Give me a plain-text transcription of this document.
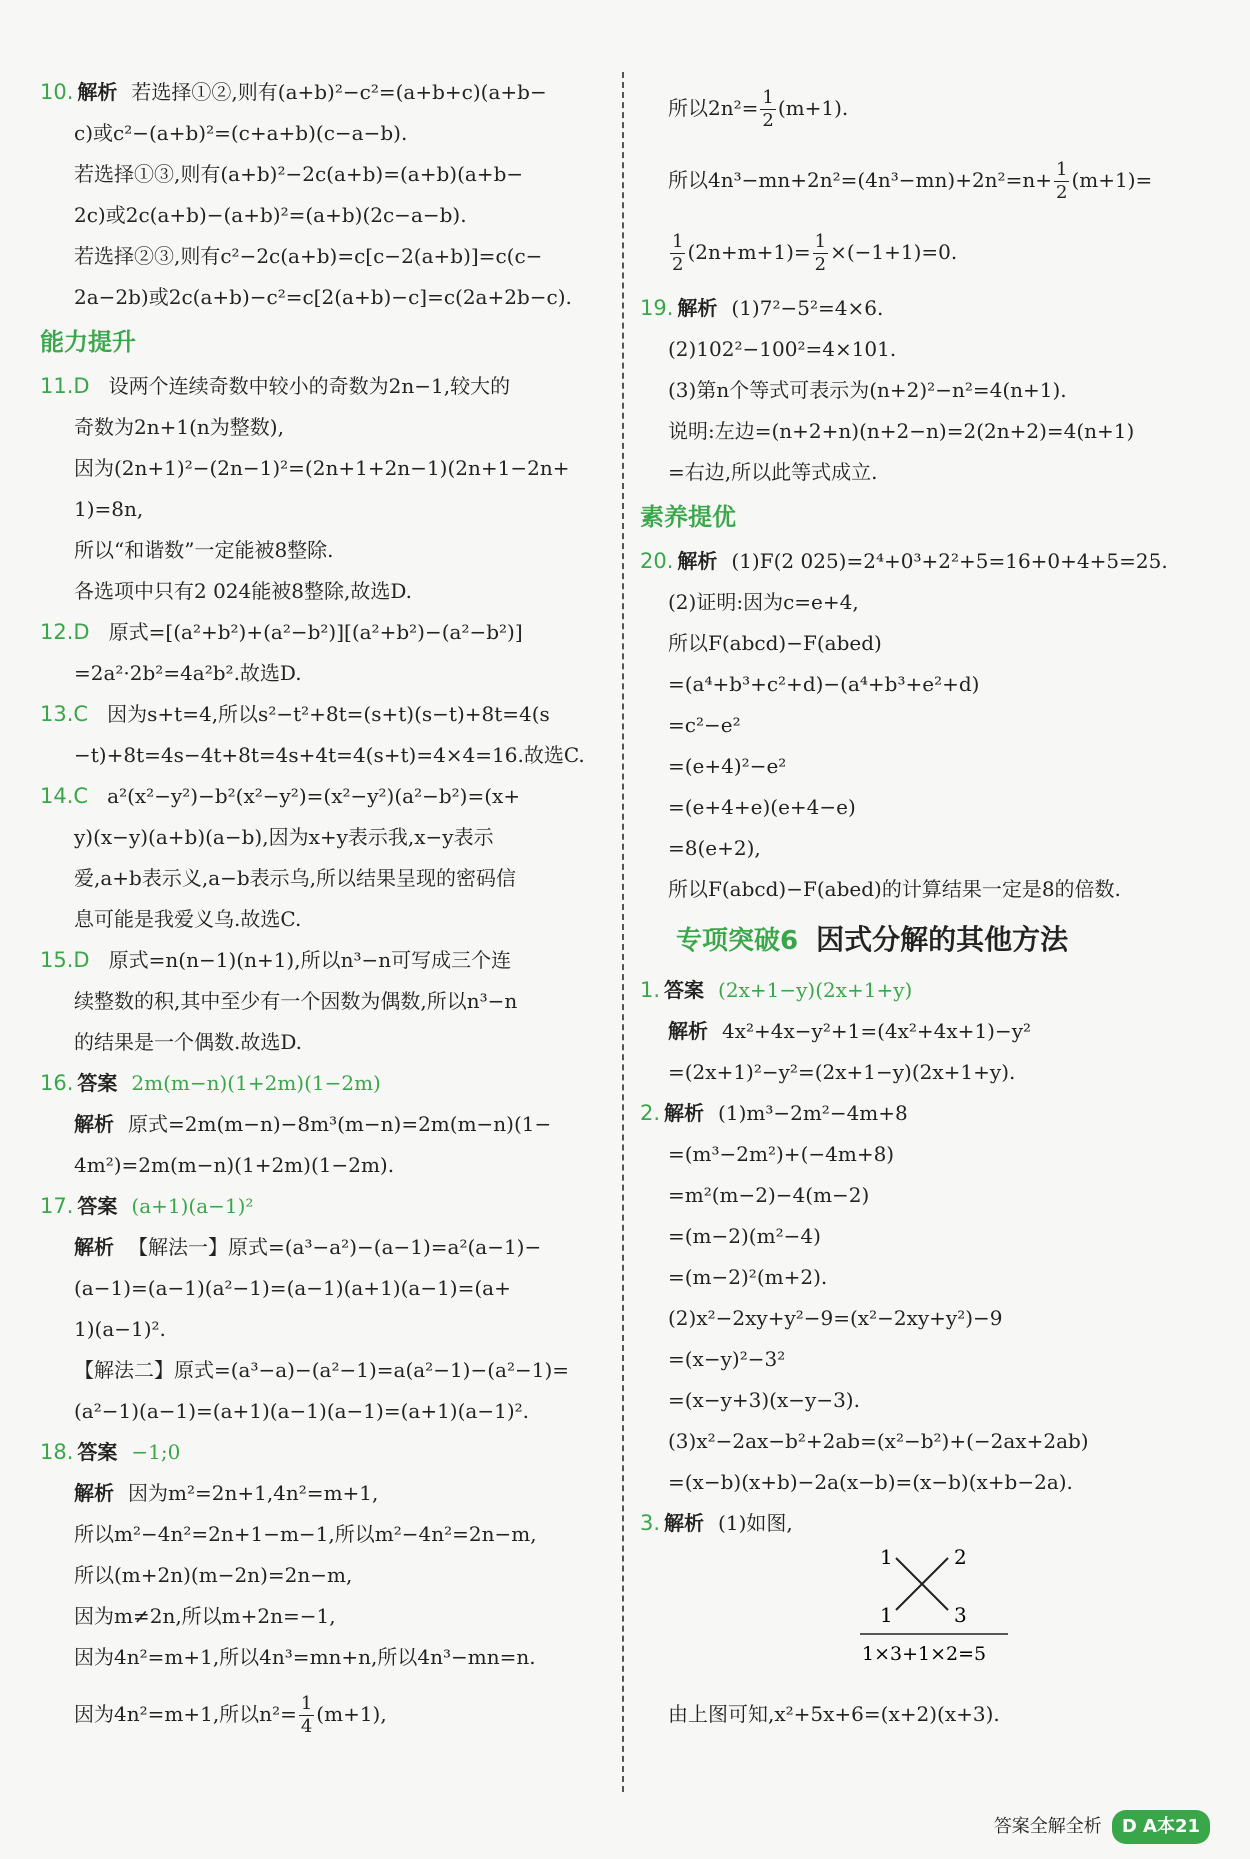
10. 解析 若选择①②,则有(a+b)²−c²=(a+b+c)(a+b−
c)或c²−(a+b)²=(c+a+b)(c−a−b).
若选择①③,则有(a+b)²−2c(a+b)=(a+b)(a+b−
2c)或2c(a+b)−(a+b)²=(a+b)(2c−a−b).
若选择②③,则有c²−2c(a+b)=c[c−2(a+b)]=c(c−
2a−2b)或2c(a+b)−c²=c[2(a+b)−c]=c(2a+2b−c).
能力提升
11.D 设两个连续奇数中较小的奇数为2n−1,较大的
奇数为2n+1(n为整数),
因为(2n+1)²−(2n−1)²=(2n+1+2n−1)(2n+1−2n+
1)=8n,
所以“和谐数”一定能被8整除.
各选项中只有2 024能被8整除,故选D.
12.D 原式=[(a²+b²)+(a²−b²)][(a²+b²)−(a²−b²)]
=2a²·2b²=4a²b².故选D.
13.C 因为s+t=4,所以s²−t²+8t=(s+t)(s−t)+8t=4(s
−t)+8t=4s−4t+8t=4s+4t=4(s+t)=4×4=16.故选C.
14.C a²(x²−y²)−b²(x²−y²)=(x²−y²)(a²−b²)=(x+
y)(x−y)(a+b)(a−b),因为x+y表示我,x−y表示
爱,a+b表示义,a−b表示乌,所以结果呈现的密码信
息可能是我爱义乌.故选C.
15.D 原式=n(n−1)(n+1),所以n³−n可写成三个连
续整数的积,其中至少有一个因数为偶数,所以n³−n
的结果是一个偶数.故选D.
16. 答案 2m(m−n)(1+2m)(1−2m)
解析 原式=2m(m−n)−8m³(m−n)=2m(m−n)(1−
4m²)=2m(m−n)(1+2m)(1−2m).
17. 答案 (a+1)(a−1)²
解析 【解法一】原式=(a³−a²)−(a−1)=a²(a−1)−
(a−1)=(a−1)(a²−1)=(a−1)(a+1)(a−1)=(a+
1)(a−1)².
【解法二】原式=(a³−a)−(a²−1)=a(a²−1)−(a²−1)=
(a²−1)(a−1)=(a+1)(a−1)(a−1)=(a+1)(a−1)².
18. 答案 −1;0
解析 因为m²=2n+1,4n²=m+1,
所以m²−4n²=2n+1−m−1,所以m²−4n²=2n−m,
所以(m+2n)(m−2n)=2n−m,
因为m≠2n,所以m+2n=−1,
因为4n²=m+1,所以4n³=mn+n,所以4n³−mn=n.
因为4n²=m+1,所以$n^2= \frac{1}{4} (m+1)$,
所以$2n^2= \frac{1}{2} (m+1)$.
所以$4n^3-mn+2n^2=(4n^3-mn)+2n^2=n+ \frac{1}{2} (m+1)=$
$\frac{1}{2} (2n+m+1)= \frac{1}{2} \times(-1+1)=0$.
19. 解析 (1)7²−5²=4×6.
(2)102²−100²=4×101.
(3)第n个等式可表示为(n+2)²−n²=4(n+1).
说明:左边=(n+2+n)(n+2−n)=2(2n+2)=4(n+1)
=右边,所以此等式成立.
素养提优
20. 解析 (1)F(2 025)=2⁴+0³+2²+5=16+0+4+5=25.
(2)证明:因为c=e+4,
所以F(abcd)−F(abed)
=(a⁴+b³+c²+d)−(a⁴+b³+e²+d)
=c²−e²
=(e+4)²−e²
=(e+4+e)(e+4−e)
=8(e+2),
所以F(abcd)−F(abed)的计算结果一定是8的倍数.
专项突破6 因式分解的其他方法
1. 答案 (2x+1−y)(2x+1+y)
解析 4x²+4x−y²+1=(4x²+4x+1)−y²
=(2x+1)²−y²=(2x+1−y)(2x+1+y).
2. 解析 (1)m³−2m²−4m+8
=(m³−2m²)+(−4m+8)
=m²(m−2)−4(m−2)
=(m−2)(m²−4)
=(m−2)²(m+2).
(2)x²−2xy+y²−9=(x²−2xy+y²)−9
=(x−y)²−3²
=(x−y+3)(x−y−3).
(3)x²−2ax−b²+2ab=(x²−b²)+(−2ax+2ab)
=(x−b)(x+b)−2a(x−b)=(x−b)(x+b−2a).
3. 解析 (1)如图,
1	2
1	3
1×3+1×2=5
由上图可知,x²+5x+6=(x+2)(x+3).
答案全解全析 D A本21
